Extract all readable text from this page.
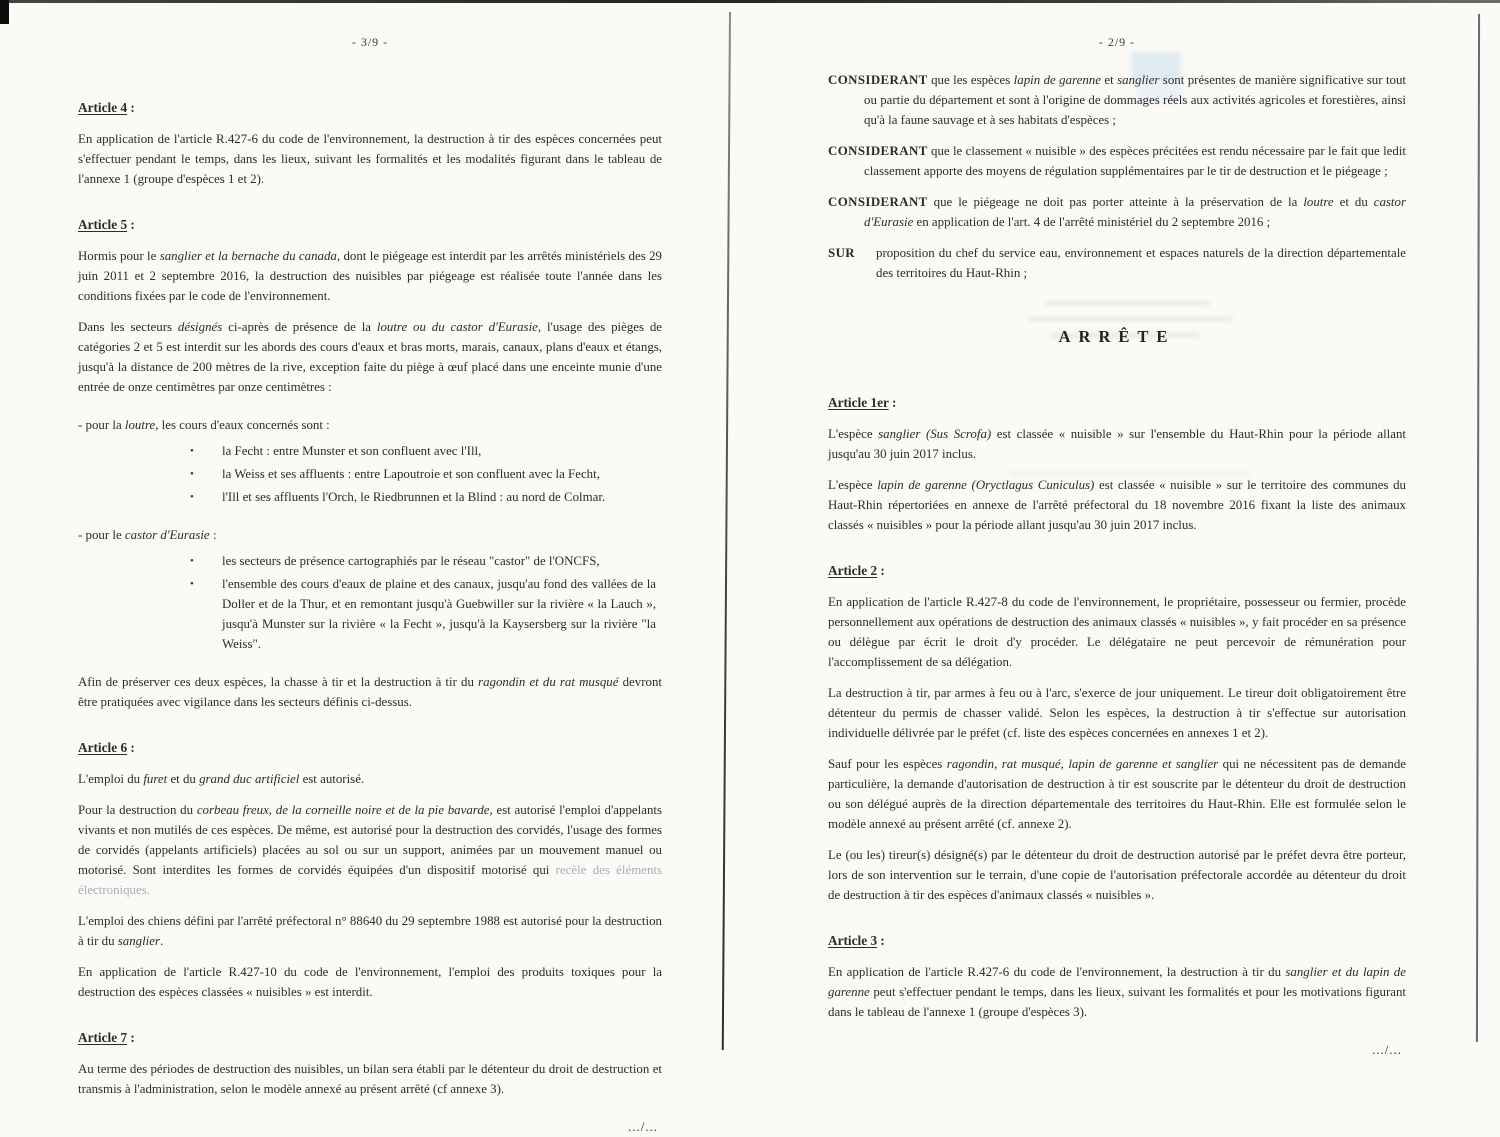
- 3/9 -

Article 4 :

En application de l'article R.427-6 du code de l'environnement, la destruction à tir des espèces concernées peut s'effectuer pendant le temps, dans les lieux, suivant les formalités et les modalités figurant dans le tableau de l'annexe 1 (groupe d'espèces 1 et 2).

Article 5 :

Hormis pour le sanglier et la bernache du canada, dont le piégeage est interdit par les arrêtés ministériels des 29 juin 2011 et 2 septembre 2016, la destruction des nuisibles par piégeage est réalisée toute l'année dans les conditions fixées par le code de l'environnement.

Dans les secteurs désignés ci-après de présence de la loutre ou du castor d'Eurasie, l'usage des pièges de catégories 2 et 5 est interdit sur les abords des cours d'eaux et bras morts, marais, canaux, plans d'eaux et étangs, jusqu'à la distance de 200 mètres de la rive, exception faite du piège à œuf placé dans une enceinte munie d'une entrée de onze centimètres par onze centimètres :

- pour la loutre, les cours d'eaux concernés sont :

• la Fecht : entre Munster et son confluent avec l'Ill,
• la Weiss et ses affluents : entre Lapoutroie et son confluent avec la Fecht,
• l'Ill et ses affluents l'Orch, le Riedbrunnen et la Blind : au nord de Colmar.

- pour le castor d'Eurasie :

• les secteurs de présence cartographiés par le réseau "castor" de l'ONCFS,
• l'ensemble des cours d'eaux de plaine et des canaux, jusqu'au fond des vallées de la Doller et de la Thur, et en remontant jusqu'à Guebwiller sur la rivière « la Lauch », jusqu'à Munster sur la rivière « la Fecht », jusqu'à la Kaysersberg sur la rivière "la Weiss".

Afin de préserver ces deux espèces, la chasse à tir et la destruction à tir du ragondin et du rat musqué devront être pratiquées avec vigilance dans les secteurs définis ci-dessus.

Article 6 :

L'emploi du furet et du grand duc artificiel est autorisé.

Pour la destruction du corbeau freux, de la corneille noire et de la pie bavarde, est autorisé l'emploi d'appelants vivants et non mutilés de ces espèces. De même, est autorisé pour la destruction des corvidés, l'usage des formes de corvidés (appelants artificiels) placées au sol ou sur un support, animées par un mouvement manuel ou motorisé. Sont interdites les formes de corvidés équipées d'un dispositif motorisé qui recèle des éléments électroniques.

L'emploi des chiens défini par l'arrêté préfectoral n° 88640 du 29 septembre 1988 est autorisé pour la destruction à tir du sanglier.

En application de l'article R.427-10 du code de l'environnement, l'emploi des produits toxiques pour la destruction des espèces classées « nuisibles » est interdit.

Article 7 :

Au terme des périodes de destruction des nuisibles, un bilan sera établi par le détenteur du droit de destruction et transmis à l'administration, selon le modèle annexé au présent arrêté (cf annexe 3).

.../...

- 2/9 -

CONSIDERANT que les espèces lapin de garenne et sanglier sont présentes de manière significative sur tout ou partie du département et sont à l'origine de dommages réels aux activités agricoles et forestières, ainsi qu'à la faune sauvage et à ses habitats d'espèces ;

CONSIDERANT que le classement « nuisible » des espèces précitées est rendu nécessaire par le fait que ledit classement apporte des moyens de régulation supplémentaires par le tir de destruction et le piégeage ;

CONSIDERANT que le piégeage ne doit pas porter atteinte à la préservation de la loutre et du castor d'Eurasie en application de l'art. 4 de l'arrêté ministériel du 2 septembre 2016 ;

SUR proposition du chef du service eau, environnement et espaces naturels de la direction départementale des territoires du Haut-Rhin ;

ARRÊTE

Article 1er :

L'espèce sanglier (Sus Scrofa) est classée « nuisible » sur l'ensemble du Haut-Rhin pour la période allant jusqu'au 30 juin 2017 inclus.

L'espèce lapin de garenne (Oryctlagus Cuniculus) est classée « nuisible » sur le territoire des communes du Haut-Rhin répertoriées en annexe de l'arrêté préfectoral du 18 novembre 2016 fixant la liste des animaux classés « nuisibles » pour la période allant jusqu'au 30 juin 2017 inclus.

Article 2 :

En application de l'article R.427-8 du code de l'environnement, le propriétaire, possesseur ou fermier, procède personnellement aux opérations de destruction des animaux classés « nuisibles », y fait procéder en sa présence ou délègue par écrit le droit d'y procéder. Le délégataire ne peut percevoir de rémunération pour l'accomplissement de sa délégation.

La destruction à tir, par armes à feu ou à l'arc, s'exerce de jour uniquement. Le tireur doit obligatoirement être détenteur du permis de chasser validé. Selon les espèces, la destruction à tir s'effectue sur autorisation individuelle délivrée par le préfet (cf. liste des espèces concernées en annexes 1 et 2).

Sauf pour les espèces ragondin, rat musqué, lapin de garenne et sanglier qui ne nécessitent pas de demande particulière, la demande d'autorisation de destruction à tir est souscrite par le détenteur du droit de destruction ou son délégué auprès de la direction départementale des territoires du Haut-Rhin. Elle est formulée selon le modèle annexé au présent arrêté (cf. annexe 2).

Le (ou les) tireur(s) désigné(s) par le détenteur du droit de destruction autorisé par le préfet devra être porteur, lors de son intervention sur le terrain, d'une copie de l'autorisation préfectorale accordée au détenteur du droit de destruction à tir des espèces d'animaux classés « nuisibles ».

Article 3 :

En application de l'article R.427-6 du code de l'environnement, la destruction à tir du sanglier et du lapin de garenne peut s'effectuer pendant le temps, dans les lieux, suivant les formalités et pour les motivations figurant dans le tableau de l'annexe 1 (groupe d'espèces 3).

.../...
